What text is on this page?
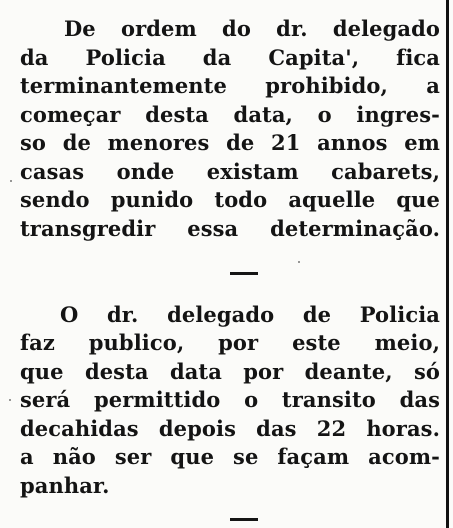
De ordem do dr. delegado
da Policia da Capita', fica
terminantemente prohibido, a
começar desta data, o ingres-
so de menores de 21 annos em
casas onde existam cabarets,
sendo punido todo aquelle que
transgredir essa determinação.
O dr. delegado de Policia
faz publico, por este meio,
que desta data por deante, só
será permittido o transito das
decahidas depois das 22 horas.
a não ser que se façam acom-
panhar.
